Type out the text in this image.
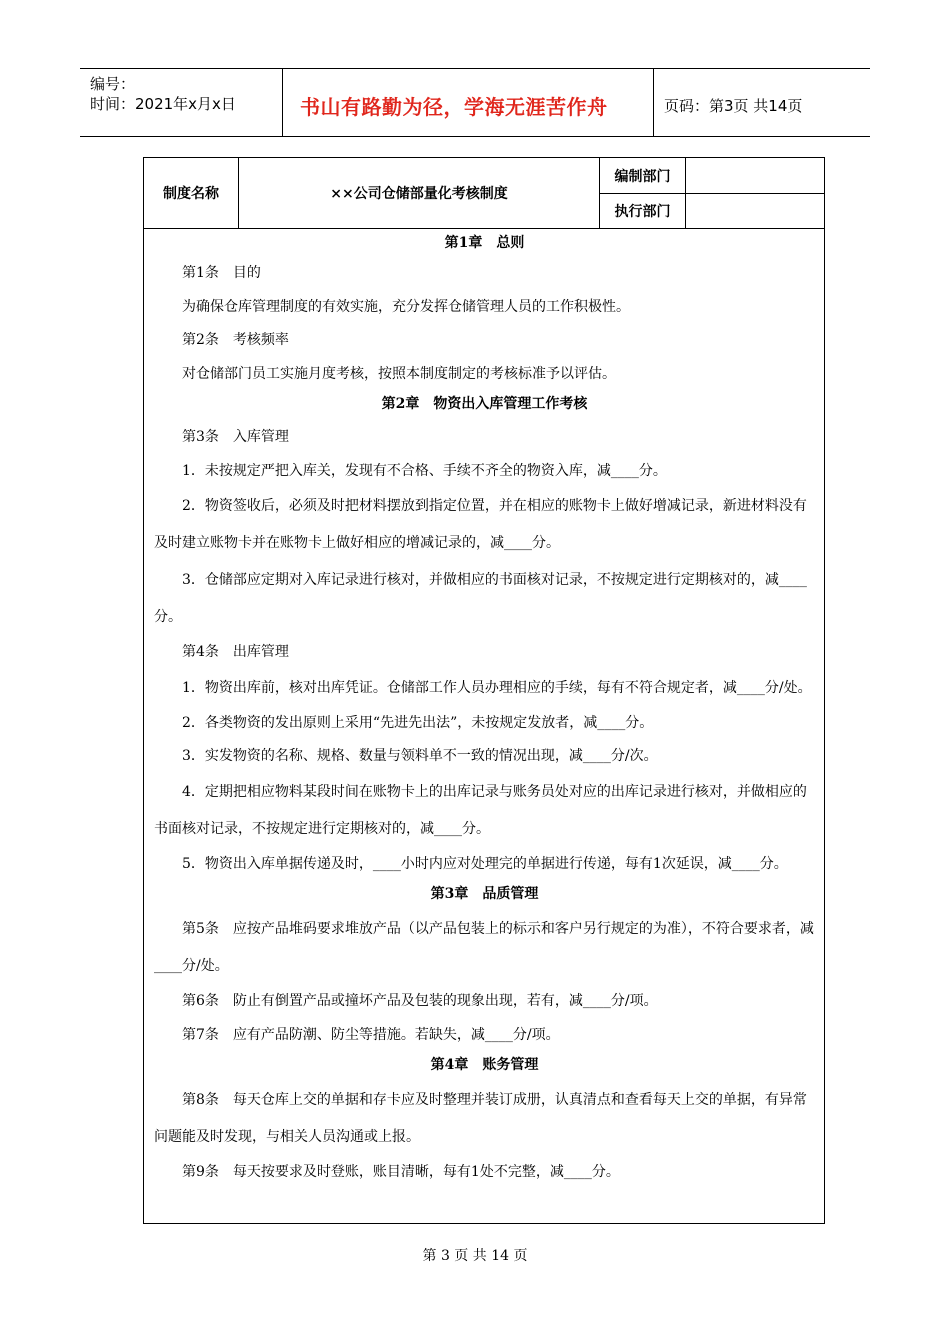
编号：
时间：2021年x月x日	书山有路勤为径，学海无涯苦作舟	页码：第3页 共14页
制度名称	××公司仓储部量化考核制度
编制部门
执行部门
第1章　总则
第1条　目的
为确保仓库管理制度的有效实施，充分发挥仓储管理人员的工作积极性。
第2条　考核频率
对仓储部门员工实施月度考核，按照本制度制定的考核标准予以评估。
第2章　物资出入库管理工作考核
第3条　入库管理
1．未按规定严把入库关，发现有不合格、手续不齐全的物资入库，减____分。
2．物资签收后，必须及时把材料摆放到指定位置，并在相应的账物卡上做好增减记录，新进材料没有及时建立账物卡并在账物卡上做好相应的增减记录的，减____分。
3．仓储部应定期对入库记录进行核对，并做相应的书面核对记录，不按规定进行定期核对的，减____分。
第4条　出库管理
1．物资出库前，核对出库凭证。仓储部工作人员办理相应的手续，每有不符合规定者，减____分/处。
2．各类物资的发出原则上采用“先进先出法”，未按规定发放者，减____分。
3．实发物资的名称、规格、数量与领料单不一致的情况出现，减____分/次。
4．定期把相应物料某段时间在账物卡上的出库记录与账务员处对应的出库记录进行核对，并做相应的书面核对记录，不按规定进行定期核对的，减____分。
5．物资出入库单据传递及时，____小时内应对处理完的单据进行传递，每有1次延误，减____分。
第3章　品质管理
第5条　应按产品堆码要求堆放产品（以产品包装上的标示和客户另行规定的为准），不符合要求者，减____分/处。
第6条　防止有倒置产品或撞坏产品及包装的现象出现，若有，减____分/项。
第7条　应有产品防潮、防尘等措施。若缺失，减____分/项。
第4章　账务管理
第8条　每天仓库上交的单据和存卡应及时整理并装订成册，认真清点和查看每天上交的单据，有异常问题能及时发现，与相关人员沟通或上报。
第9条　每天按要求及时登账，账目清晰，每有1处不完整，减____分。
第 3 页 共 14 页
